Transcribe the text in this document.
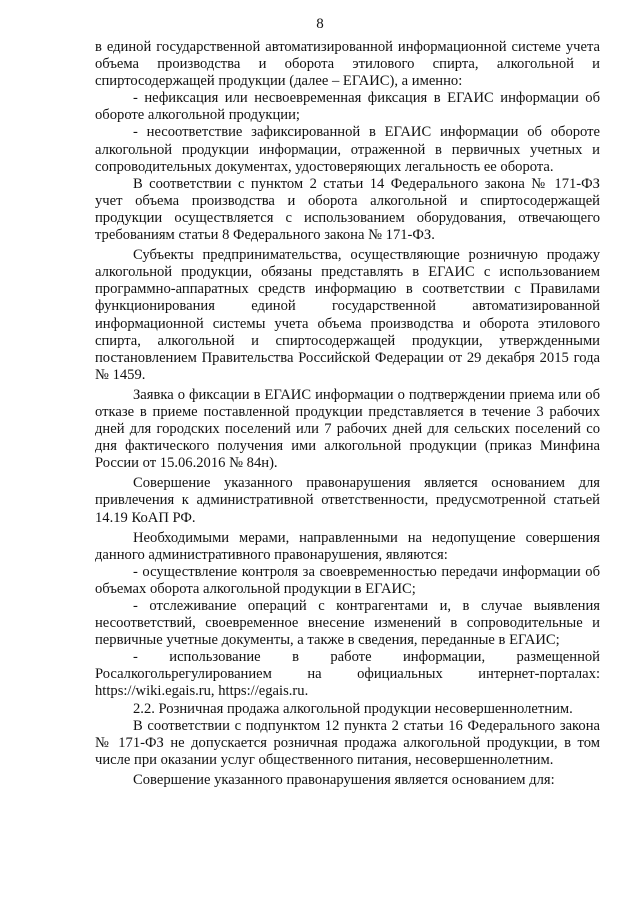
8

в единой государственной автоматизированной информационной системе учета объема производства и оборота этилового спирта, алкогольной и спиртосодержащей продукции (далее – ЕГАИС), а именно:

- нефиксация или несвоевременная фиксация в ЕГАИС информации об обороте алкогольной продукции;

- несоответствие зафиксированной в ЕГАИС информации об обороте алкогольной продукции информации, отраженной в первичных учетных и сопроводительных документах, удостоверяющих легальность ее оборота.

В соответствии с пунктом 2 статьи 14 Федерального закона № 171-ФЗ учет объема производства и оборота алкогольной и спиртосодержащей продукции осуществляется с использованием оборудования, отвечающего требованиям статьи 8 Федерального закона № 171-ФЗ.

Субъекты предпринимательства, осуществляющие розничную продажу алкогольной продукции, обязаны представлять в ЕГАИС с использованием программно-аппаратных средств информацию в соответствии с Правилами функционирования единой государственной автоматизированной информационной системы учета объема производства и оборота этилового спирта, алкогольной и спиртосодержащей продукции, утвержденными постановлением Правительства Российской Федерации от 29 декабря 2015 года № 1459.

Заявка о фиксации в ЕГАИС информации о подтверждении приема или об отказе в приеме поставленной продукции представляется в течение 3 рабочих дней для городских поселений или 7 рабочих дней для сельских поселений со дня фактического получения ими алкогольной продукции (приказ Минфина России от 15.06.2016 № 84н).

Совершение указанного правонарушения является основанием для привлечения к административной ответственности, предусмотренной статьей 14.19 КоАП РФ.

Необходимыми мерами, направленными на недопущение совершения данного административного правонарушения, являются:

- осуществление контроля за своевременностью передачи информации об объемах оборота алкогольной продукции в ЕГАИС;

- отслеживание операций с контрагентами и, в случае выявления несоответствий, своевременное внесение изменений в сопроводительные и первичные учетные документы, а также в сведения, переданные в ЕГАИС;

- использование в работе информации, размещенной Росалкогольрегулированием на официальных интернет-порталах: https://wiki.egais.ru, https://egais.ru.

2.2. Розничная продажа алкогольной продукции несовершеннолетним.

В соответствии с подпунктом 12 пункта 2 статьи 16 Федерального закона № 171-ФЗ не допускается розничная продажа алкогольной продукции, в том числе при оказании услуг общественного питания, несовершеннолетним.

Совершение указанного правонарушения является основанием для:
